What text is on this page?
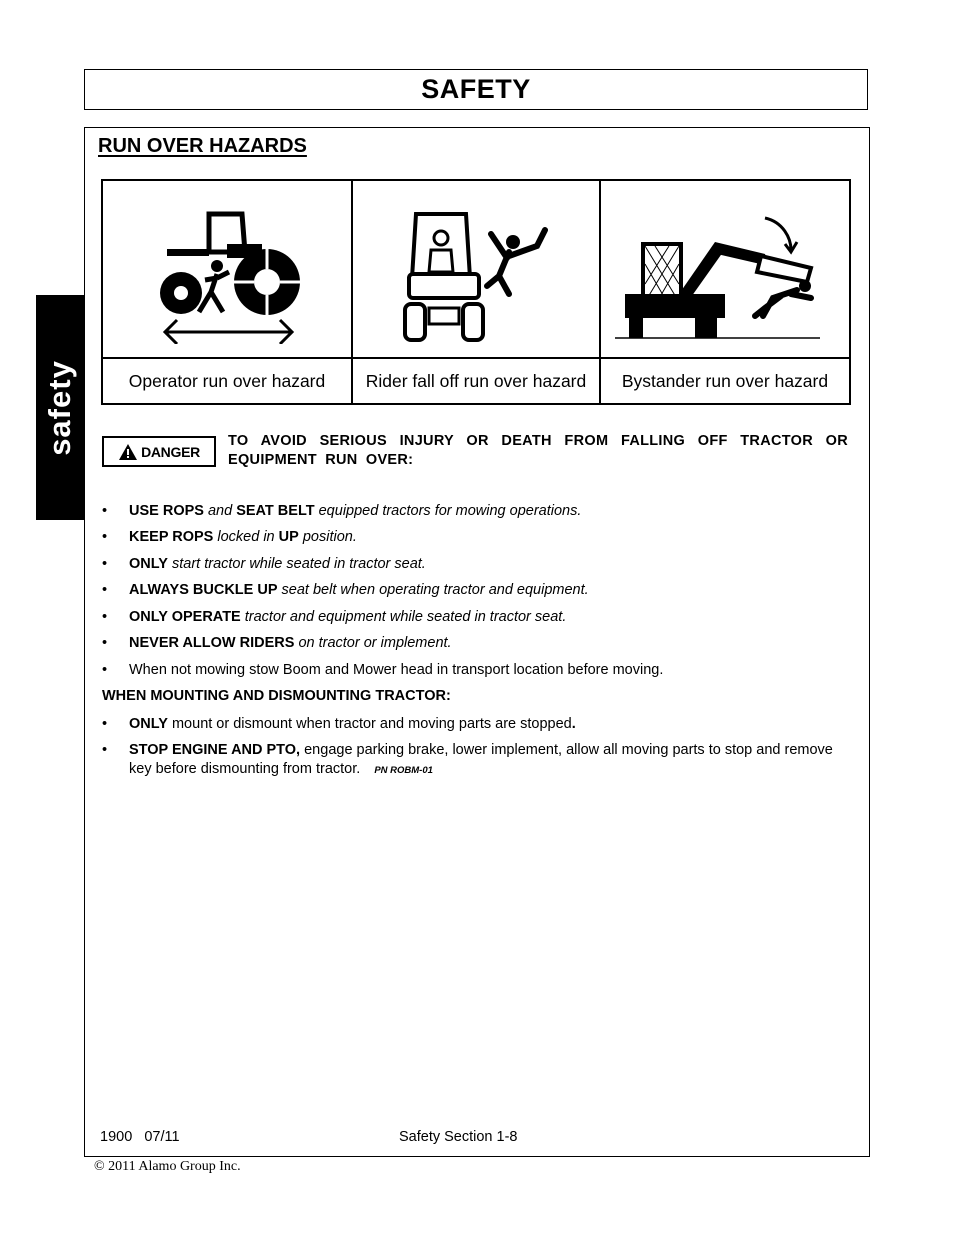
SAFETY
safety
RUN OVER HAZARDS
Operator run over hazard	Rider fall off run over hazard	Bystander run over hazard
DANGER
TO AVOID SERIOUS INJURY OR DEATH FROM FALLING OFF TRACTOR OR EQUIPMENT RUN OVER:
• USE ROPS and SEAT BELT equipped tractors for mowing operations.
• KEEP ROPS locked in UP position.
• ONLY start tractor while seated in tractor seat.
• ALWAYS BUCKLE UP seat belt when operating tractor and equipment.
• ONLY OPERATE tractor and equipment while seated in tractor seat.
• NEVER ALLOW RIDERS on tractor or implement.
• When not mowing stow Boom and Mower head in transport location before moving.
WHEN MOUNTING AND DISMOUNTING TRACTOR:
• ONLY mount or dismount when tractor and moving parts are stopped.
• STOP ENGINE AND PTO, engage parking brake, lower implement, allow all moving parts to stop and remove key before dismounting from tractor. PN ROBM-01
1900   07/11	Safety Section 1-8
© 2011 Alamo Group Inc.
